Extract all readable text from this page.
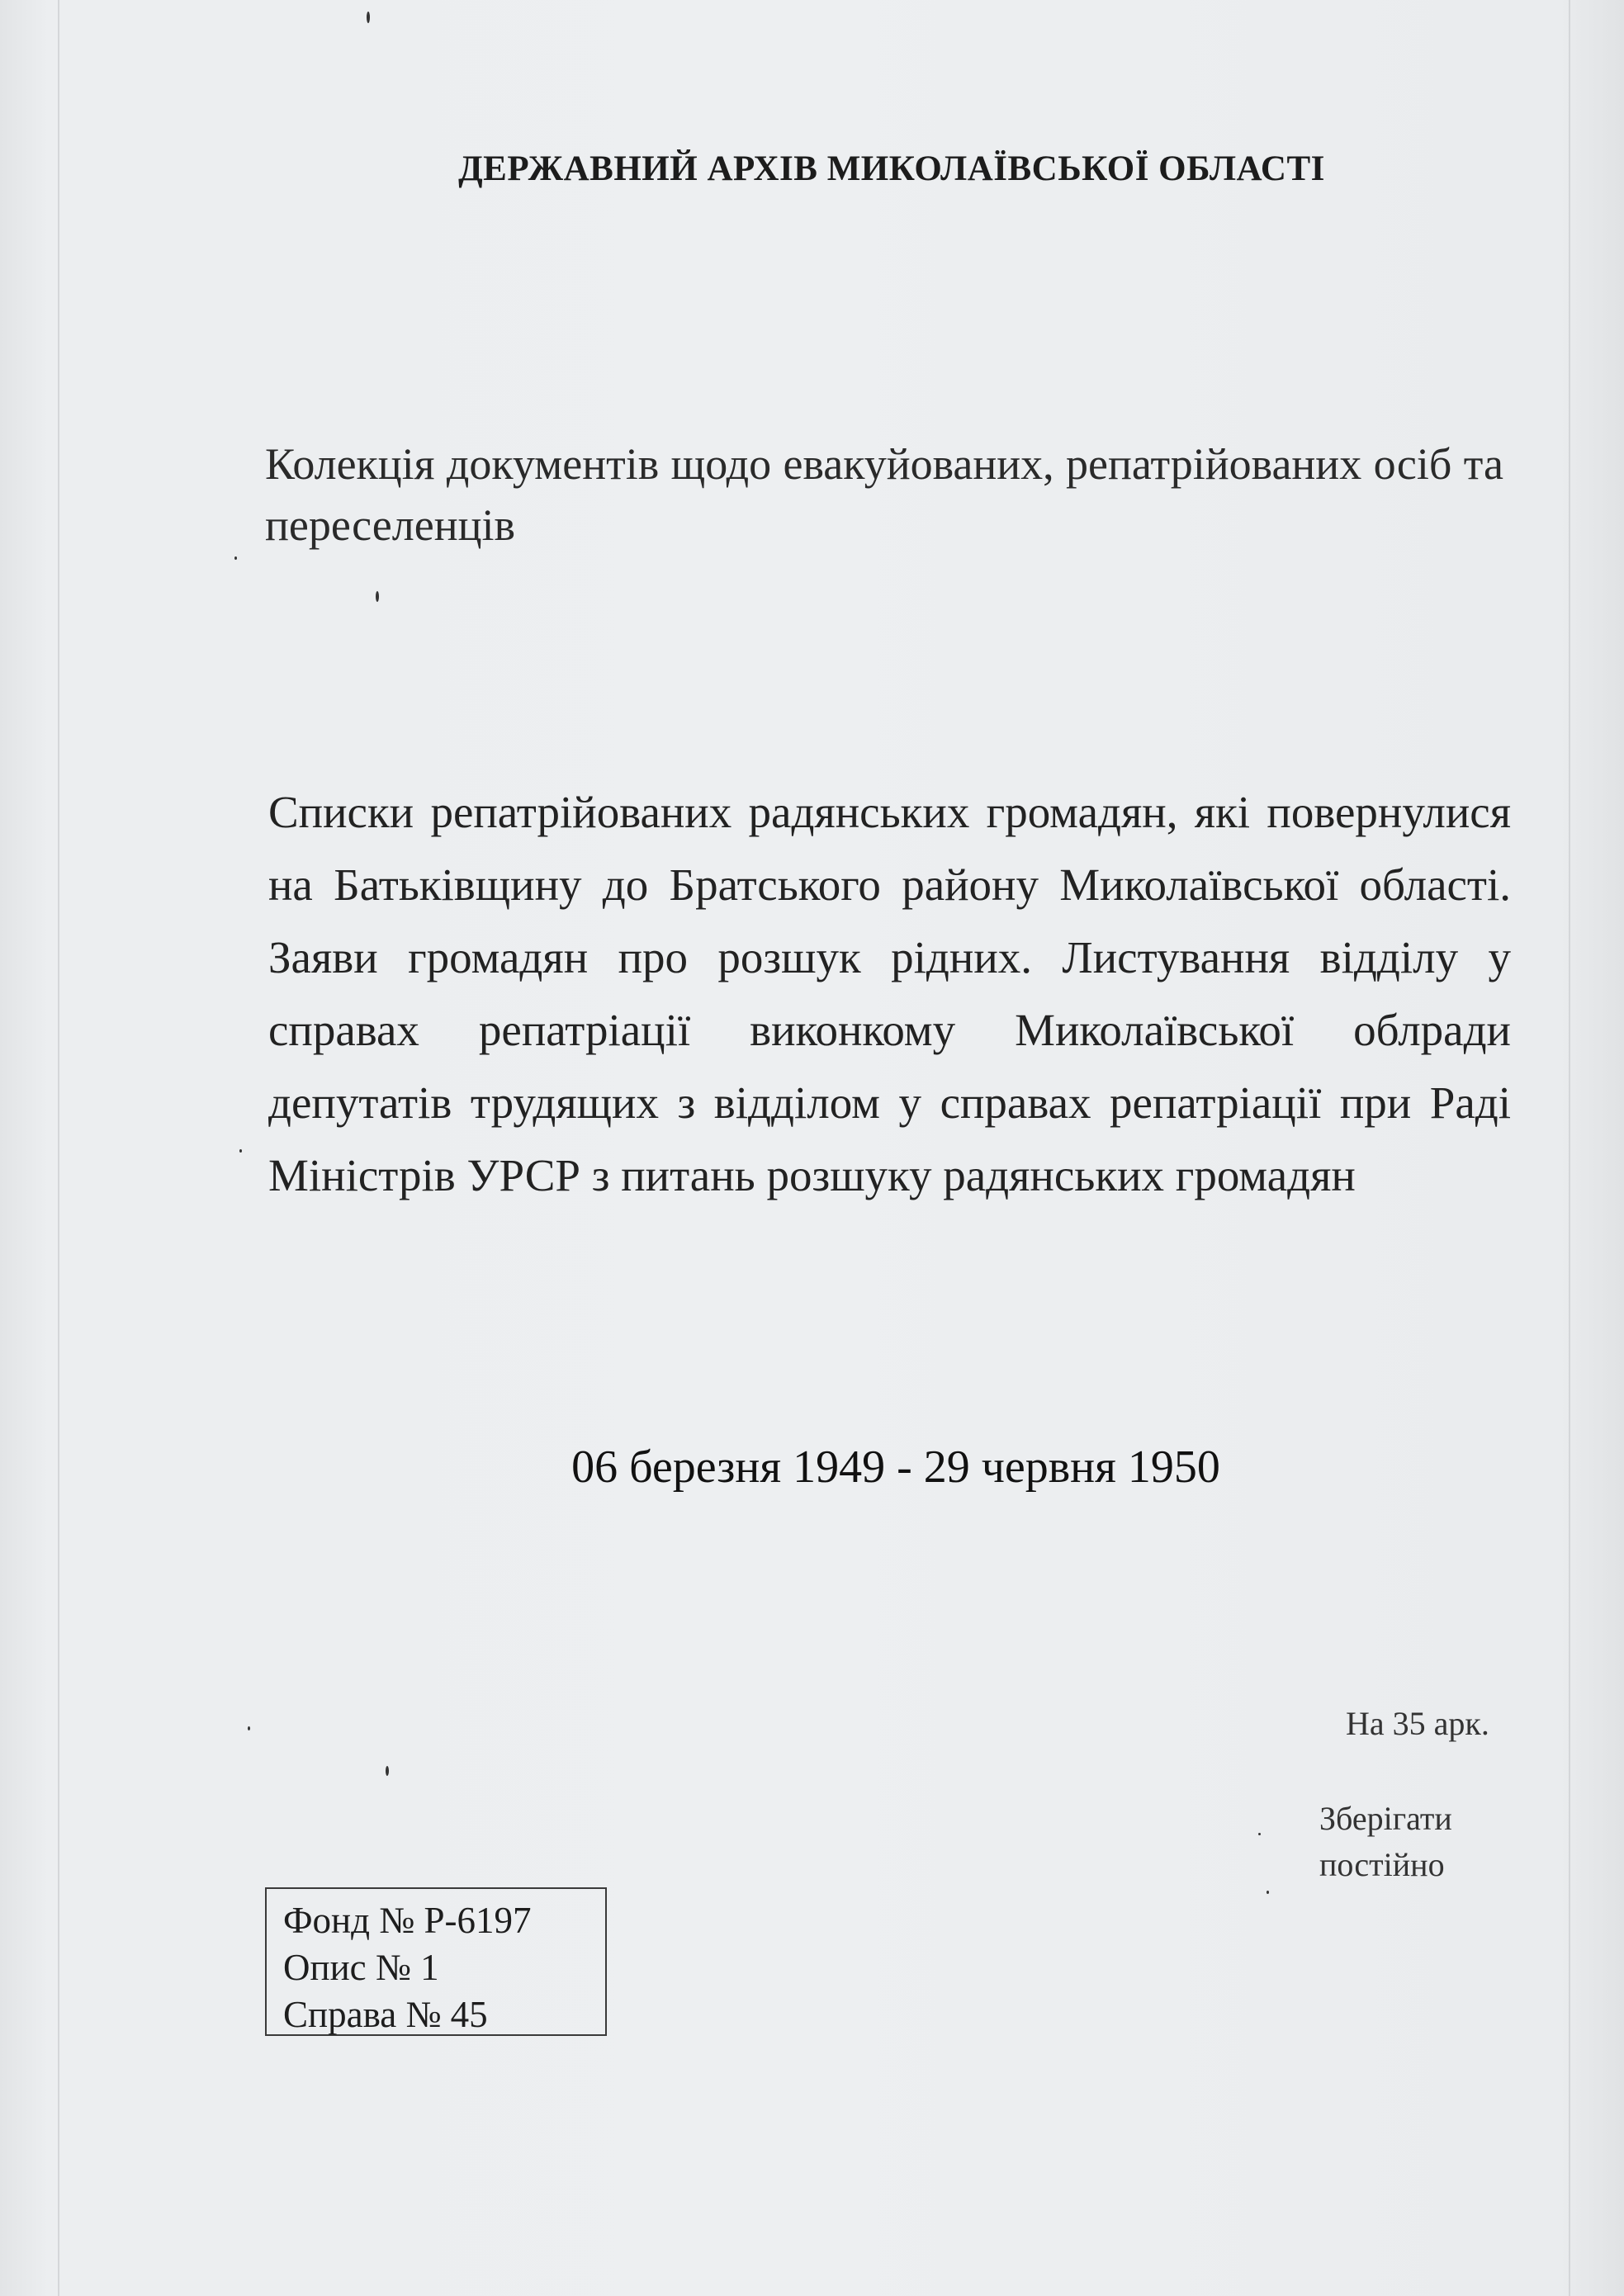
ДЕРЖАВНИЙ АРХІВ МИКОЛАЇВСЬКОЇ ОБЛАСТІ
Колекція документів щодо евакуйованих, репатрійованих осіб та переселенців
Списки репатрійованих радянських громадян, які повернулися на Батьківщину до Братського району Миколаївської області. Заяви громадян про розшук рідних. Листування відділу у справах репатріації виконкому Миколаївської облради депутатів трудящих з відділом у справах репатріації при Раді Міністрів УРСР з питань розшуку радянських громадян
06 березня 1949 - 29 червня 1950
На 35 арк.
Зберігати
постійно
Фонд № Р-6197
Опис № 1
Справа № 45
